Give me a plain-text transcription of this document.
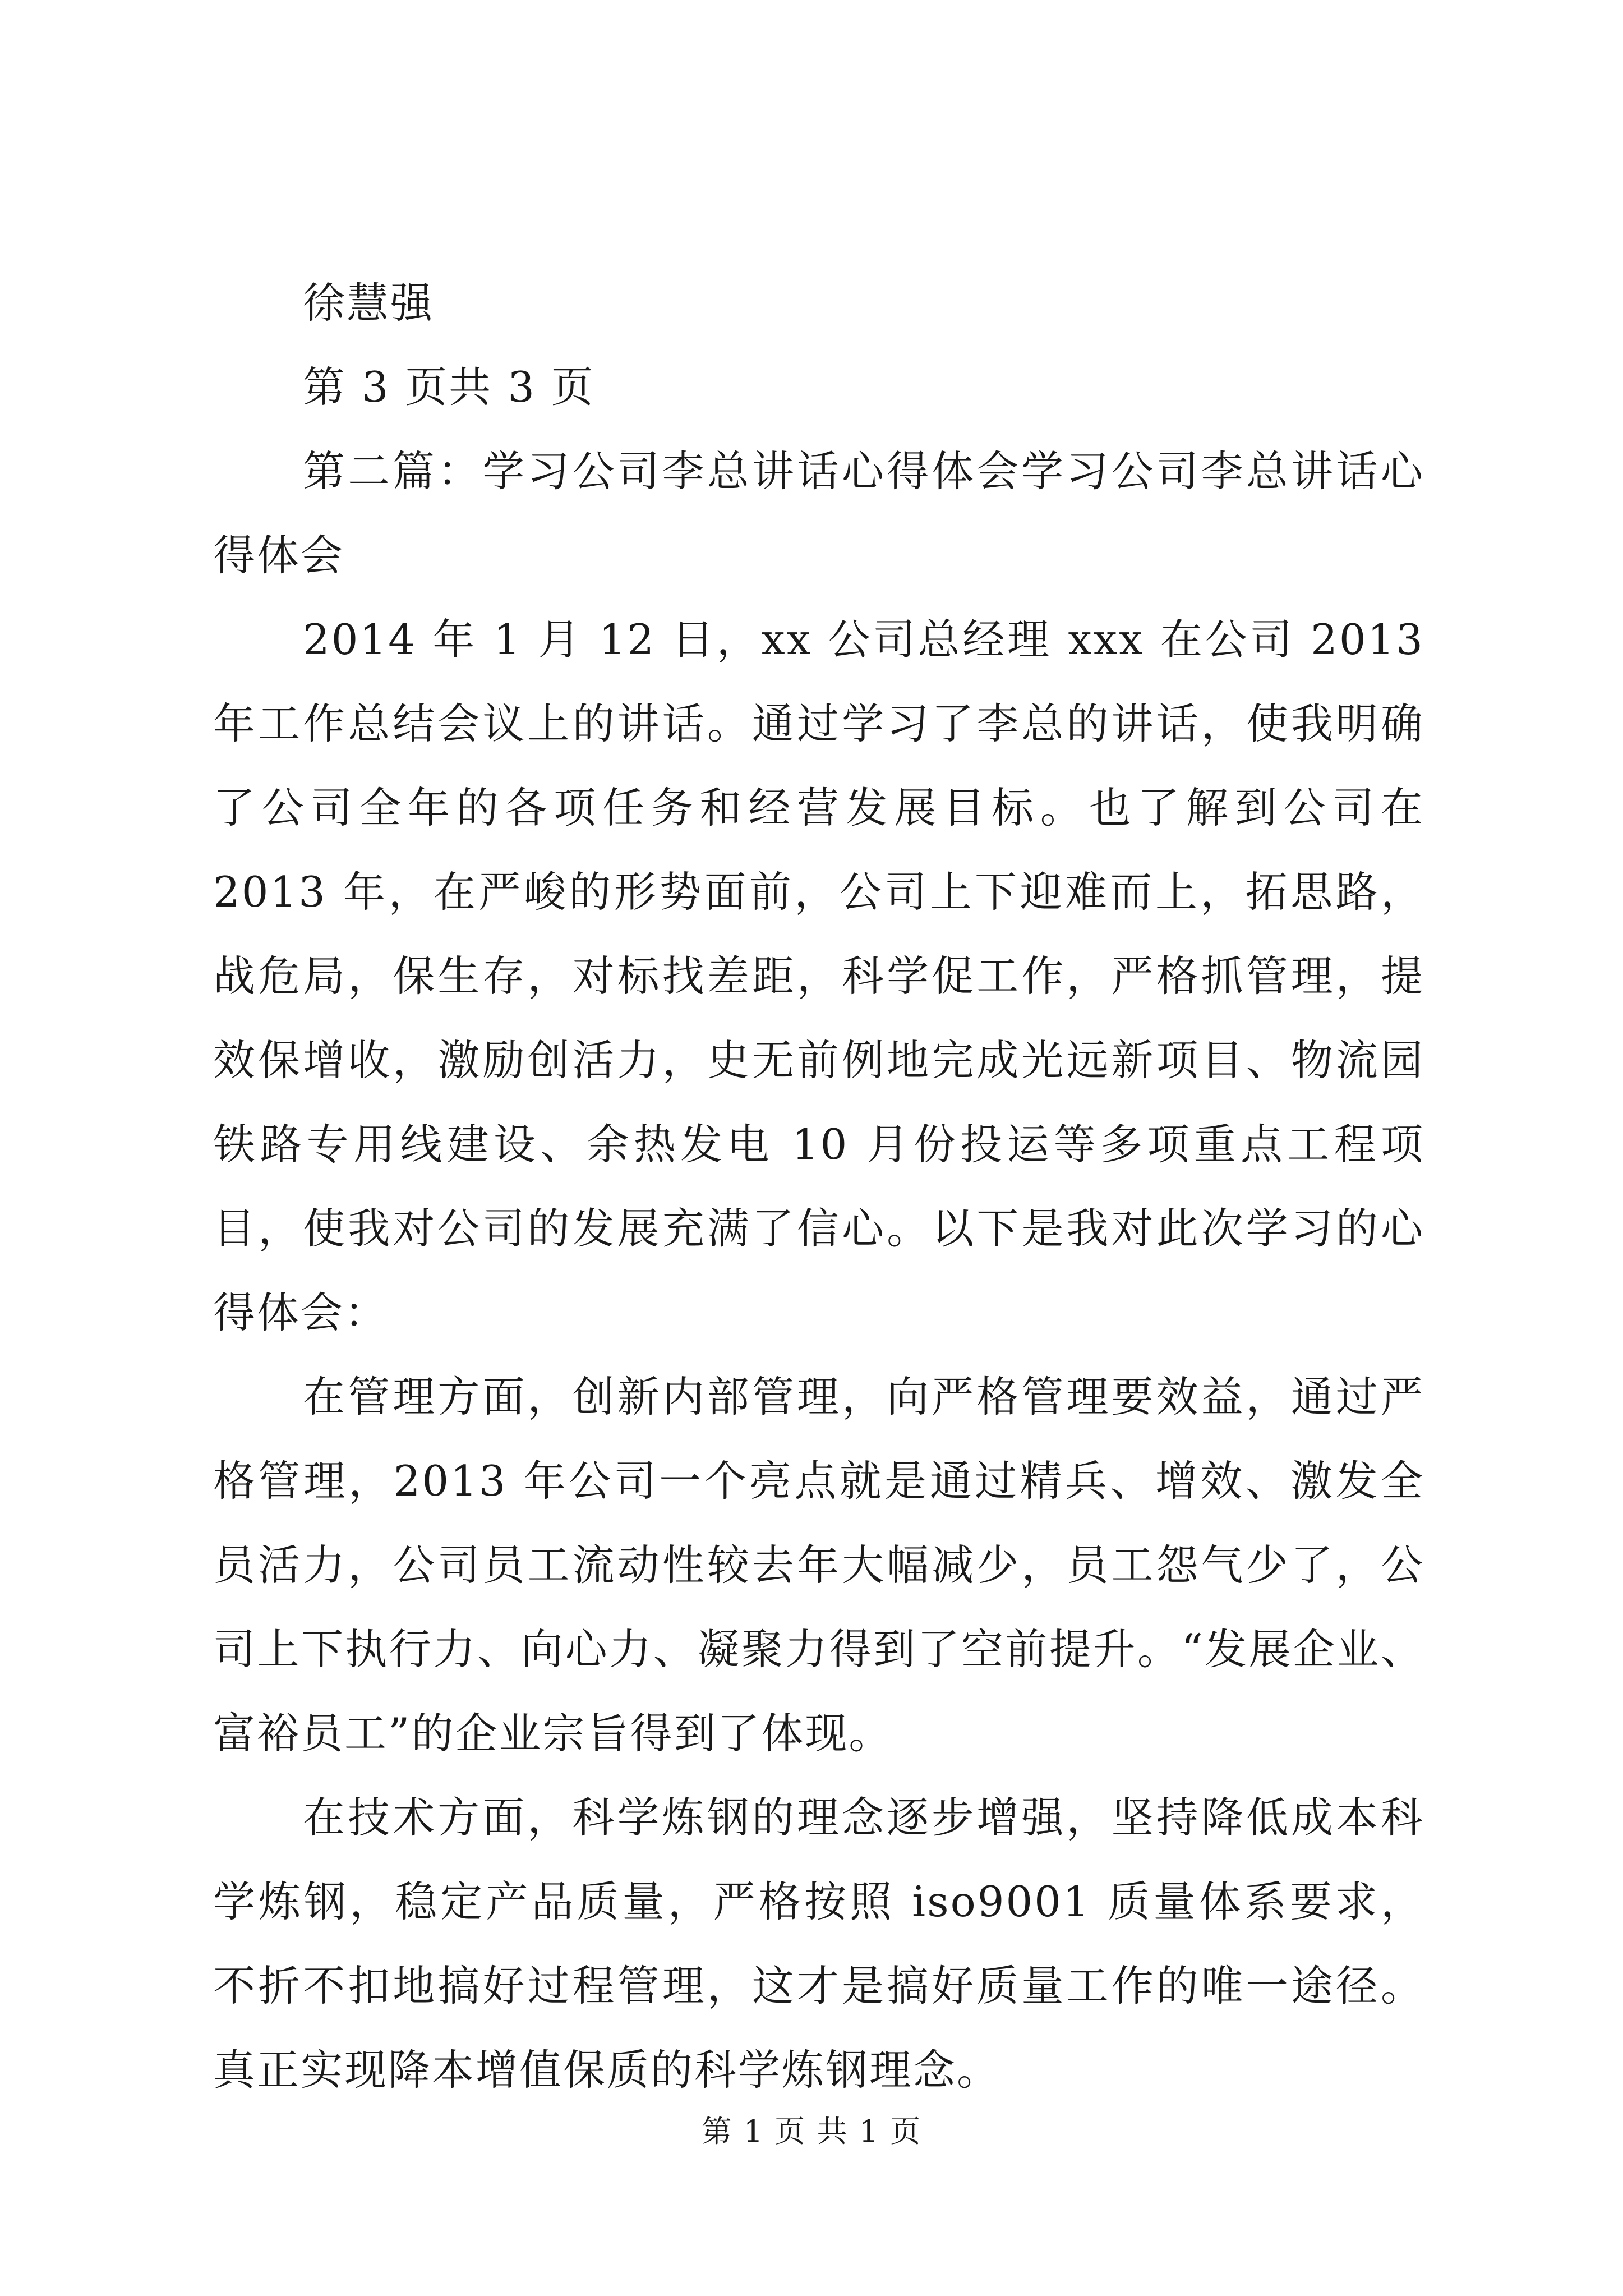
徐慧强
第 3 页共 3 页

第二篇：学习公司李总讲话心得体会学习公司李总讲话心得体会

2014 年 1 月 12 日，xx 公司总经理 xxx 在公司 2013 年工作总结会议上的讲话。通过学习了李总的讲话，使我明确了公司全年的各项任务和经营发展目标。也了解到公司在 2013 年，在严峻的形势面前，公司上下迎难而上，拓思路，战危局，保生存，对标找差距，科学促工作，严格抓管理，提效保增收，激励创活力，史无前例地完成光远新项目、物流园铁路专用线建设、余热发电 10 月份投运等多项重点工程项目，使我对公司的发展充满了信心。以下是我对此次学习的心得体会：

在管理方面，创新内部管理，向严格管理要效益，通过严格管理，2013 年公司一个亮点就是通过精兵、增效、激发全员活力，公司员工流动性较去年大幅减少，员工怨气少了，公司上下执行力、向心力、凝聚力得到了空前提升。“发展企业、富裕员工”的企业宗旨得到了体现。

在技术方面，科学炼钢的理念逐步增强，坚持降低成本科学炼钢，稳定产品质量，严格按照 iso9001 质量体系要求，不折不扣地搞好过程管理，这才是搞好质量工作的唯一途径。真正实现降本增值保质的科学炼钢理念。

第 1 页 共 1 页
